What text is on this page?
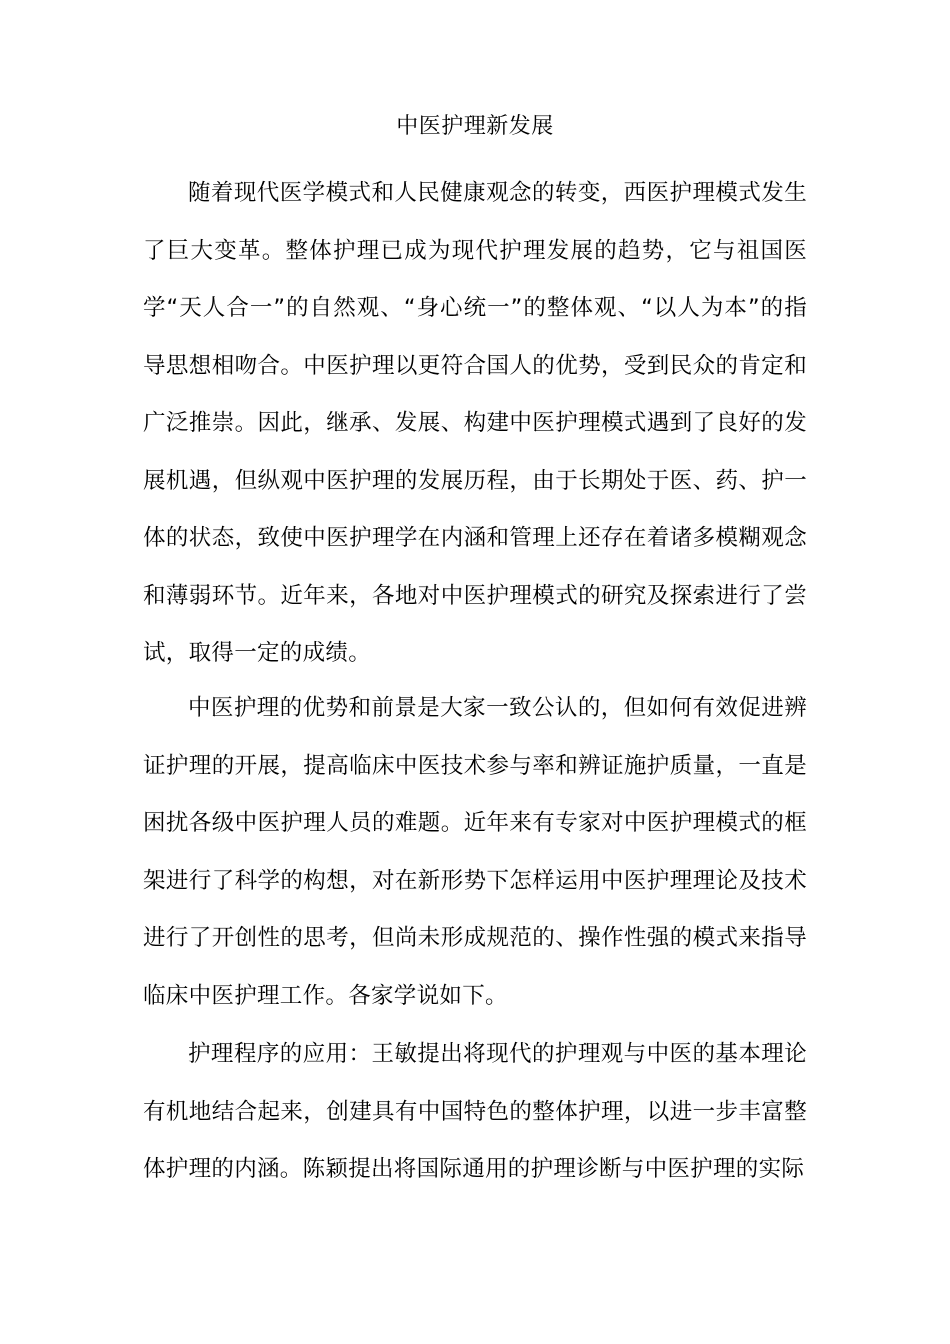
中医护理新发展

随着现代医学模式和人民健康观念的转变，西医护理模式发生了巨大变革。整体护理已成为现代护理发展的趋势，它与祖国医学“天人合一”的自然观、“身心统一”的整体观、“以人为本”的指导思想相吻合。中医护理以更符合国人的优势，受到民众的肯定和广泛推崇。因此，继承、发展、构建中医护理模式遇到了良好的发展机遇，但纵观中医护理的发展历程，由于长期处于医、药、护一体的状态，致使中医护理学在内涵和管理上还存在着诸多模糊观念和薄弱环节。近年来，各地对中医护理模式的研究及探索进行了尝试，取得一定的成绩。

中医护理的优势和前景是大家一致公认的，但如何有效促进辨证护理的开展，提高临床中医技术参与率和辨证施护质量，一直是困扰各级中医护理人员的难题。近年来有专家对中医护理模式的框架进行了科学的构想，对在新形势下怎样运用中医护理理论及技术进行了开创性的思考，但尚未形成规范的、操作性强的模式来指导临床中医护理工作。各家学说如下。

护理程序的应用：王敏提出将现代的护理观与中医的基本理论有机地结合起来，创建具有中国特色的整体护理，以进一步丰富整体护理的内涵。陈颖提出将国际通用的护理诊断与中医护理的实际
